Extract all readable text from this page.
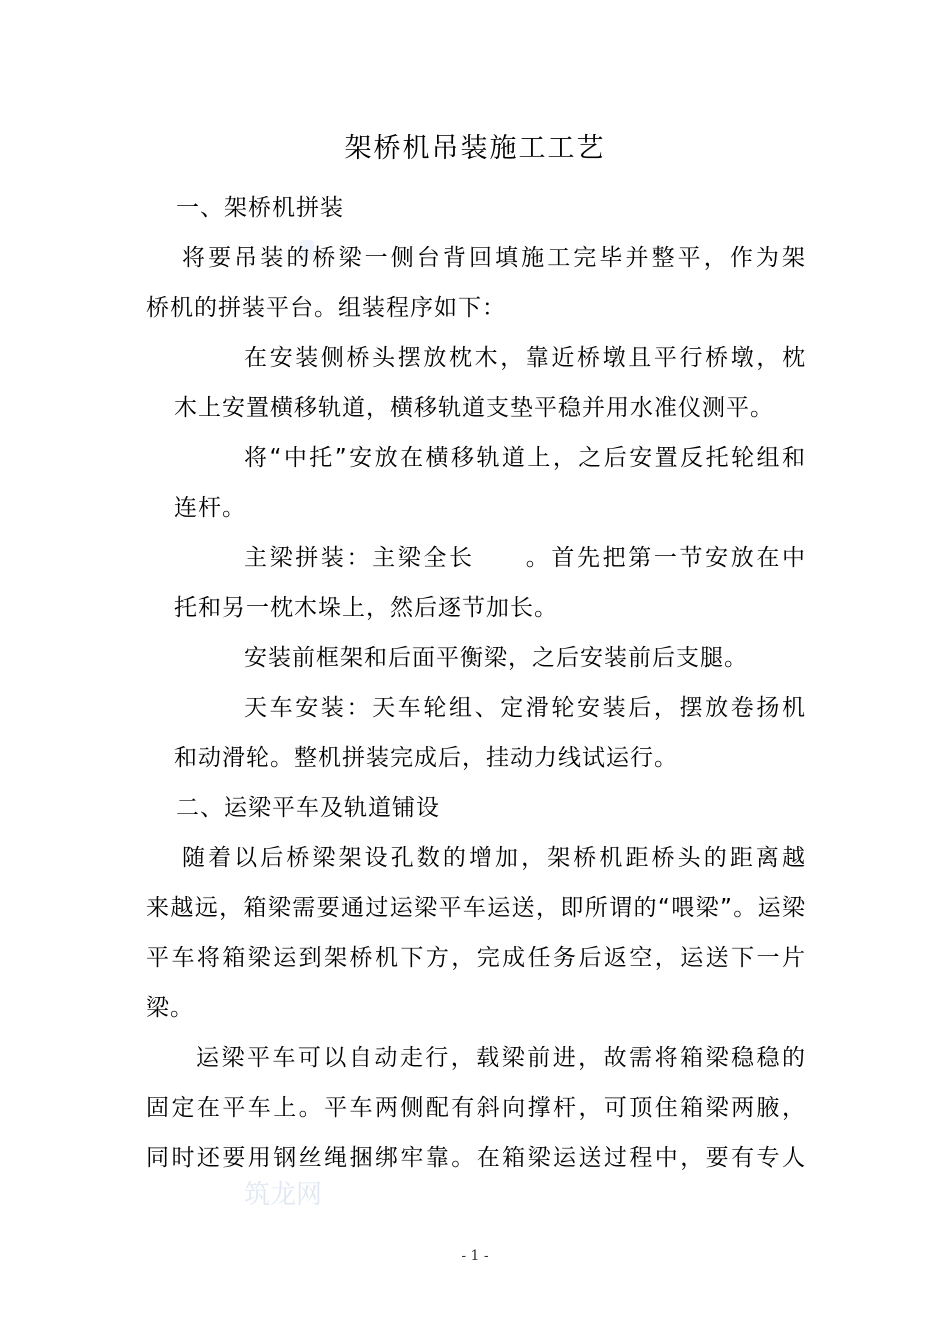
架桥机吊装施工工艺
一、架桥机拼装
将要吊装的桥梁一侧台背回填施工完毕并整平，作为架
桥机的拼装平台。组装程序如下：
在安装侧桥头摆放枕木，靠近桥墩且平行桥墩，枕
木上安置横移轨道，横移轨道支垫平稳并用水准仪测平。
将“中托”安放在横移轨道上，之后安置反托轮组和
连杆。
主梁拼装：主梁全长　　。首先把第一节安放在中
托和另一枕木垛上，然后逐节加长。
安装前框架和后面平衡梁，之后安装前后支腿。
天车安装：天车轮组、定滑轮安装后，摆放卷扬机
和动滑轮。整机拼装完成后，挂动力线试运行。
二、运梁平车及轨道铺设
随着以后桥梁架设孔数的增加，架桥机距桥头的距离越
来越远，箱梁需要通过运梁平车运送，即所谓的“喂梁”。运梁
平车将箱梁运到架桥机下方，完成任务后返空，运送下一片
梁。
运梁平车可以自动走行，载梁前进，故需将箱梁稳稳的
固定在平车上。平车两侧配有斜向撑杆，可顶住箱梁两腋，
同时还要用钢丝绳捆绑牢靠。在箱梁运送过程中，要有专人
筑龙网
- 1 -
